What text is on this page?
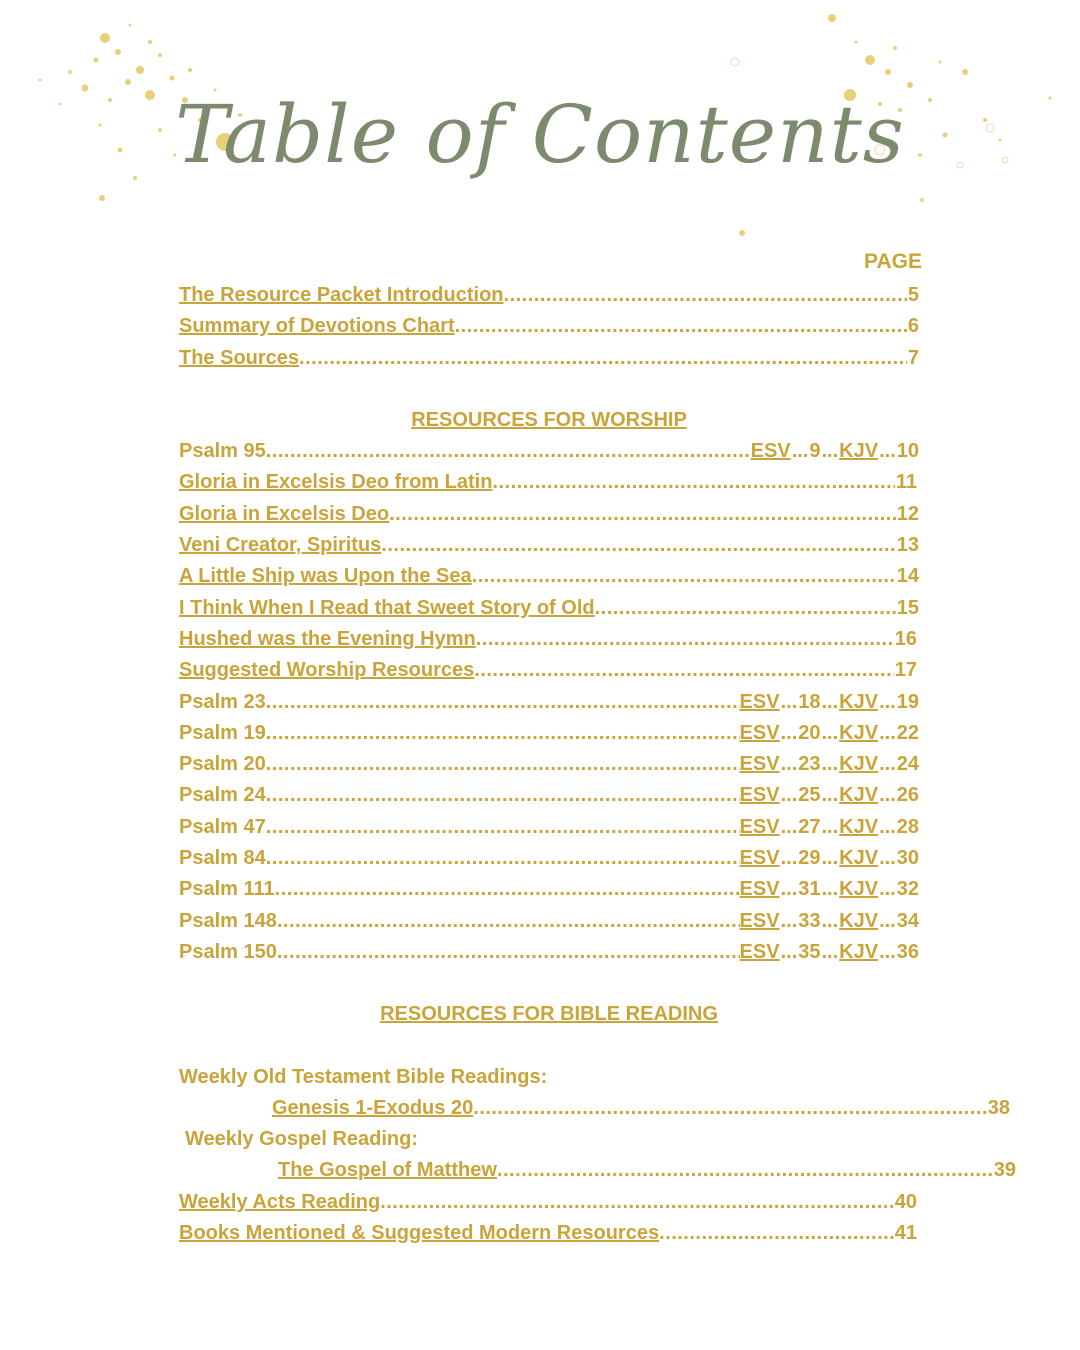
Table of Contents
PAGE
The Resource Packet Introduction .....	5
Summary of Devotions Chart .....	6
The Sources .....	7
RESOURCES FOR WORSHIP
Psalm 95 .....	ESV ... 9 ... KJV ... 10
Gloria in Excelsis Deo from Latin .....	11
Gloria in Excelsis Deo .....	12
Veni Creator, Spiritus .....	13
A Little Ship was Upon the Sea .....	14
I Think When I Read that Sweet Story of Old .....	15
Hushed was the Evening Hymn .....	16
Suggested Worship Resources .....	17
Psalm 23 .....	ESV ... 18 ... KJV ... 19
Psalm 19 .....	ESV ... 20 ... KJV ... 22
Psalm 20 .....	ESV ... 23 ... KJV ... 24
Psalm 24 .....	ESV ... 25 ... KJV ... 26
Psalm 47 .....	ESV ... 27 ... KJV ... 28
Psalm 84 .....	ESV ... 29 ... KJV ... 30
Psalm 111 .....	ESV ... 31 ... KJV ... 32
Psalm 148 .....	ESV ... 33 ... KJV ... 34
Psalm 150 .....	ESV ... 35 ... KJV ... 36
RESOURCES FOR BIBLE READING
Weekly Old Testament Bible Readings:
Genesis 1-Exodus 20 .....	38
Weekly Gospel Reading:
The Gospel of Matthew .....	39
Weekly Acts Reading .....	40
Books Mentioned & Suggested Modern Resources .....	41
